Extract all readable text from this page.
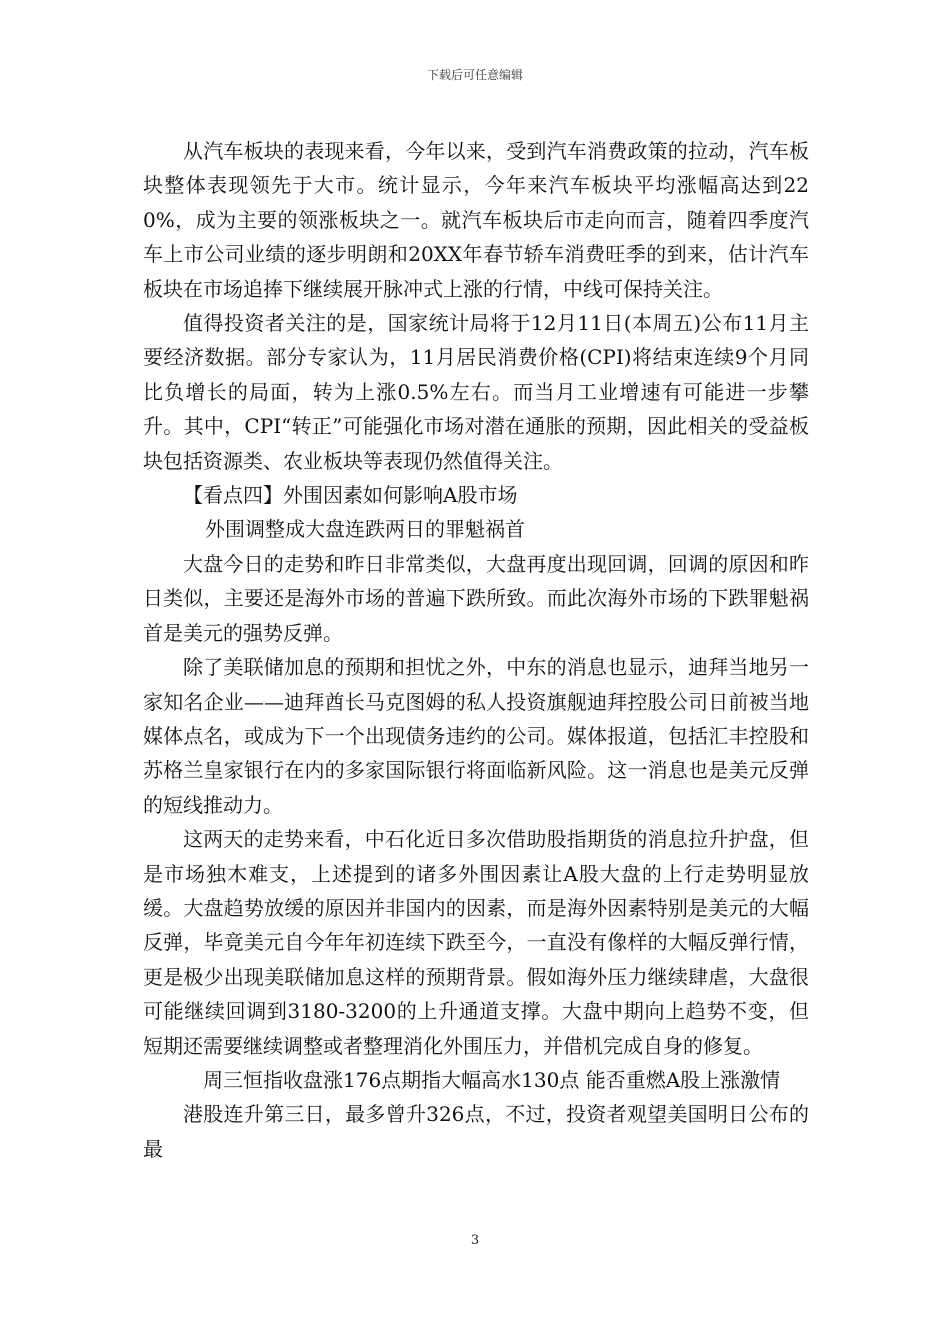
下载后可任意编辑

从汽车板块的表现来看，今年以来，受到汽车消费政策的拉动，汽车板块整体表现领先于大市。统计显示，今年来汽车板块平均涨幅高达到220%，成为主要的领涨板块之一。就汽车板块后市走向而言，随着四季度汽车上市公司业绩的逐步明朗和20XX年春节轿车消费旺季的到来，估计汽车板块在市场追捧下继续展开脉冲式上涨的行情，中线可保持关注。

值得投资者关注的是，国家统计局将于12月11日(本周五)公布11月主要经济数据。部分专家认为，11月居民消费价格(CPI)将结束连续9个月同比负增长的局面，转为上涨0.5%左右。而当月工业增速有可能进一步攀升。其中，CPI“转正”可能强化市场对潜在通胀的预期，因此相关的受益板块包括资源类、农业板块等表现仍然值得关注。

【看点四】外围因素如何影响A股市场

外围调整成大盘连跌两日的罪魁祸首

大盘今日的走势和昨日非常类似，大盘再度出现回调，回调的原因和昨日类似，主要还是海外市场的普遍下跌所致。而此次海外市场的下跌罪魁祸首是美元的强势反弹。

除了美联储加息的预期和担忧之外，中东的消息也显示，迪拜当地另一家知名企业——迪拜酋长马克图姆的私人投资旗舰迪拜控股公司日前被当地媒体点名，或成为下一个出现债务违约的公司。媒体报道，包括汇丰控股和苏格兰皇家银行在内的多家国际银行将面临新风险。这一消息也是美元反弹的短线推动力。

这两天的走势来看，中石化近日多次借助股指期货的消息拉升护盘，但是市场独木难支，上述提到的诸多外围因素让A股大盘的上行走势明显放缓。大盘趋势放缓的原因并非国内的因素，而是海外因素特别是美元的大幅反弹，毕竟美元自今年年初连续下跌至今，一直没有像样的大幅反弹行情，更是极少出现美联储加息这样的预期背景。假如海外压力继续肆虐，大盘很可能继续回调到3180-3200的上升通道支撑。大盘中期向上趋势不变，但短期还需要继续调整或者整理消化外围压力，并借机完成自身的修复。

周三恒指收盘涨176点期指大幅高水130点 能否重燃A股上涨激情

港股连升第三日，最多曾升326点，不过，投资者观望美国明日公布的最

3
